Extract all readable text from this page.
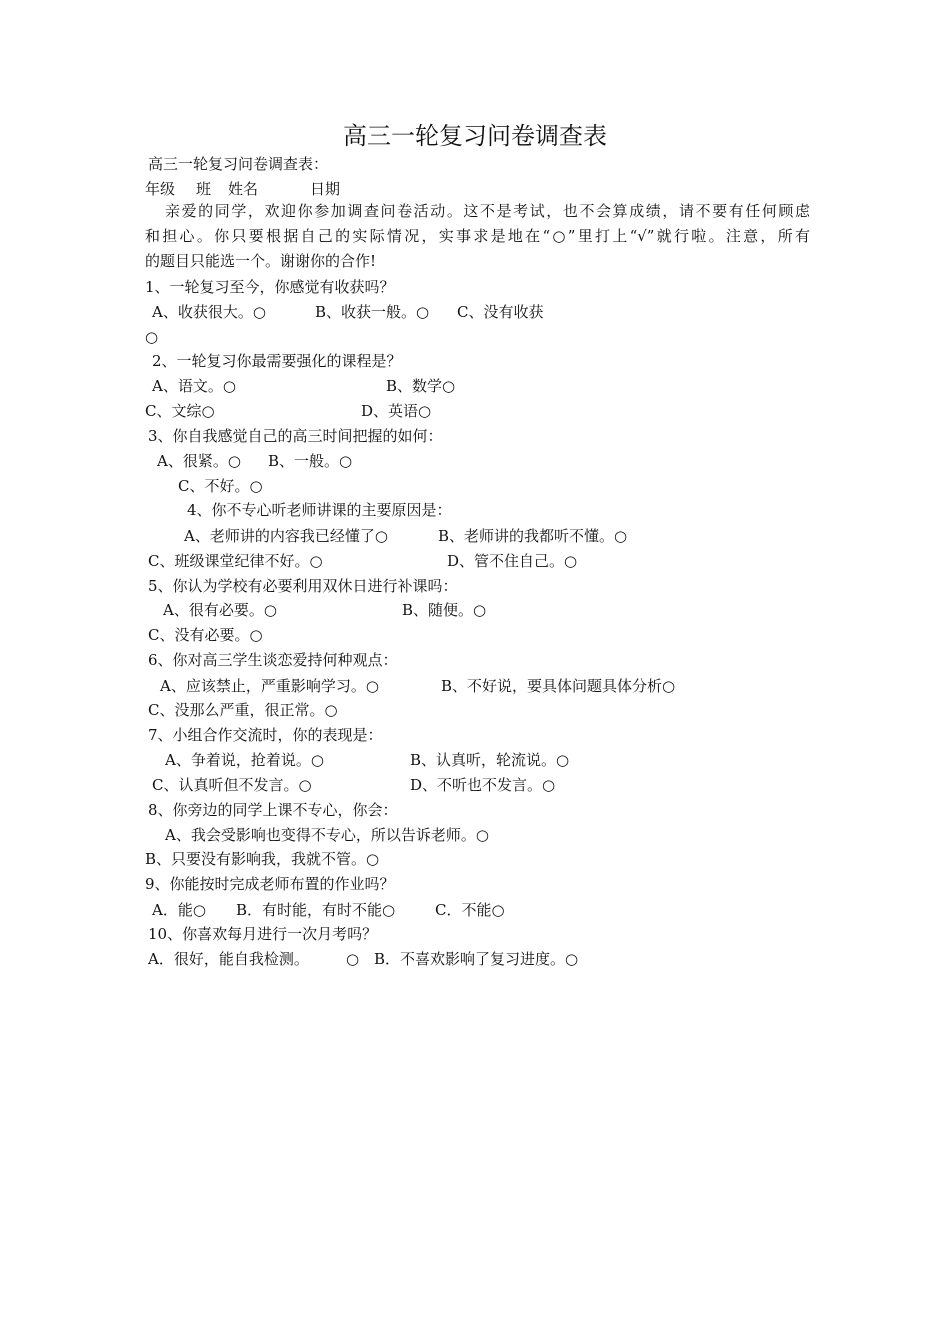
高三一轮复习问卷调查表
高三一轮复习问卷调查表：
年级 班 姓名	日期
亲爱的同学，欢迎你参加调查问卷活动。这不是考试，也不会算成绩，请不要有任何顾虑
和担心。你只要根据自己的实际情况，实事求是地在“○”里打上“√”就行啦。注意，所有
的题目只能选一个。谢谢你的合作!
1、一轮复习至今，你感觉有收获吗？
A、收获很大。○	B、收获一般。○ C、没有收获
○
2、一轮复习你最需要强化的课程是？
A、语文。○	B、数学○
C、文综○	D、英语○
3、你自我感觉自己的高三时间把握的如何：
A、很紧。○ B、一般。○
C、不好。○
4、你不专心听老师讲课的主要原因是：
A、老师讲的内容我已经懂了○	B、老师讲的我都听不懂。○
C、班级课堂纪律不好。○	D、管不住自己。○
5、你认为学校有必要利用双休日进行补课吗：
A、很有必要。○	B、随便。○
C、没有必要。○
6、你对高三学生谈恋爱持何种观点：
A、应该禁止，严重影响学习。○	B、不好说，要具体问题具体分析○
C、没那么严重，很正常。○
7、小组合作交流时，你的表现是：
A、争着说，抢着说。○	B、认真听，轮流说。○
C、认真听但不发言。○	D、不听也不发言。○
8、你旁边的同学上课不专心，你会：
A、我会受影响也变得不专心，所以告诉老师。○
B、只要没有影响我，我就不管。○
9、你能按时完成老师布置的作业吗？
A．能○ B．有时能，有时不能○	C．不能○
10、你喜欢每月进行一次月考吗？
A．很好，能自我检测。 ○ B．不喜欢影响了复习进度。○
